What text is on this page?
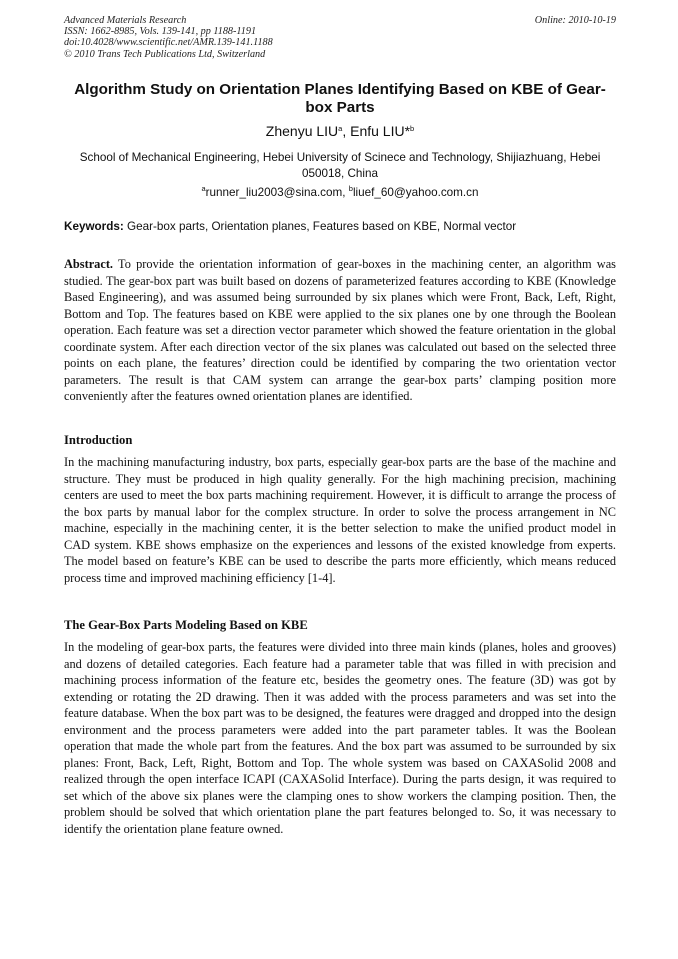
Advanced Materials Research
ISSN: 1662-8985, Vols. 139-141, pp 1188-1191
doi:10.4028/www.scientific.net/AMR.139-141.1188
© 2010 Trans Tech Publications Ltd, Switzerland
Online: 2010-10-19
Algorithm Study on Orientation Planes Identifying Based on KBE of Gear-box Parts
Zhenyu LIU$^a$, Enfu LIU*$^b$
School of Mechanical Engineering, Hebei University of Scinece and Technology, Shijiazhuang, Hebei 050018, China
$^a$runner_liu2003@sina.com, $^b$liuef_60@yahoo.com.cn
Keywords: Gear-box parts, Orientation planes, Features based on KBE, Normal vector
Abstract. To provide the orientation information of gear-boxes in the machining center, an algorithm was studied. The gear-box part was built based on dozens of parameterized features according to KBE (Knowledge Based Engineering), and was assumed being surrounded by six planes which were Front, Back, Left, Right, Bottom and Top. The features based on KBE were applied to the six planes one by one through the Boolean operation. Each feature was set a direction vector parameter which showed the feature orientation in the global coordinate system. After each direction vector of the six planes was calculated out based on the selected three points on each plane, the features’ direction could be identified by comparing the two orientation vector parameters. The result is that CAM system can arrange the gear-box parts’ clamping position more conveniently after the features owned orientation planes are identified.
Introduction
In the machining manufacturing industry, box parts, especially gear-box parts are the base of the machine and structure. They must be produced in high quality generally. For the high machining precision, machining centers are used to meet the box parts machining requirement. However, it is difficult to arrange the process of the box parts by manual labor for the complex structure. In order to solve the process arrangement in NC machine, especially in the machining center, it is the better selection to make the unified product model in CAD system. KBE shows emphasize on the experiences and lessons of the existed knowledge from experts. The model based on feature’s KBE can be used to describe the parts more efficiently, which means reduced process time and improved machining efficiency [1-4].
The Gear-Box Parts Modeling Based on KBE
In the modeling of gear-box parts, the features were divided into three main kinds (planes, holes and grooves) and dozens of detailed categories. Each feature had a parameter table that was filled in with precision and machining process information of the feature etc, besides the geometry ones. The feature (3D) was got by extending or rotating the 2D drawing. Then it was added with the process parameters and was set into the feature database. When the box part was to be designed, the features were dragged and dropped into the design environment and the process parameters were added into the part parameter tables. It was the Boolean operation that made the whole part from the features. And the box part was assumed to be surrounded by six planes: Front, Back, Left, Right, Bottom and Top. The whole system was based on CAXASolid 2008 and realized through the open interface ICAPI (CAXASolid Interface). During the parts design, it was required to set which of the above six planes were the clamping ones to show workers the clamping position. Then, the problem should be solved that which orientation plane the part features belonged to. So, it was necessary to identify the orientation plane feature owned.
